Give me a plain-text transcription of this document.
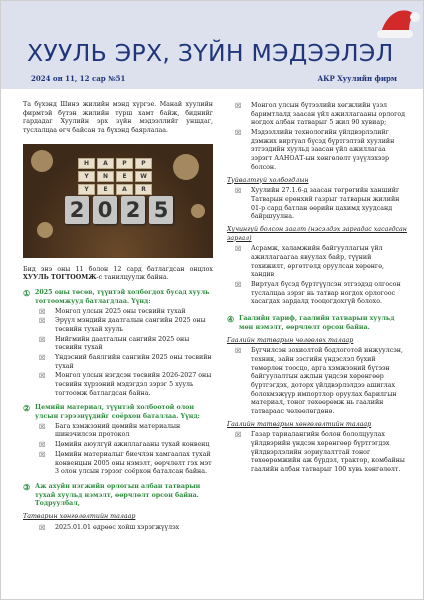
ХУУЛЬ ЭРХ, ЗҮЙН МЭДЭЭЛЭЛ
2024 он 11, 12 сар №51	АКР Хуулийн фирм

Та бүхэнд Шинэ жилийн мэнд хүргэе. Манай хуулийн фирмтэй бүтэн жилийн турш хамт байж, биднийг гардадаг Хуулийн эрх зүйн мэдээллийг уншдаг, туслалцаа өгч байсан та бүхэнд баярлалаа.

H	A	P	P
Y	N	E	W
Y	E	A	R
2 0 2 5

Бид энэ оны 11 болон 12 сард батлагдсан онцлох ХУУЛЬ ТОГТООМЖ-с танилцуулж байна.

① 2025 оны төсөв, түүнтэй холбогдох бусад хууль тогтоомжууд батлагдлаа. Үүнд:
☒ Монгол улсын 2025 оны төсвийн тухай
☒ Эрүүл мэндийн даатгалын сангийн 2025 оны төсвийн тухай хууль
☒ Нийгмийн даатгалын сангийн 2025 оны төсвийн тухай
☒ Үндэсний баялгийн сангийн 2025 оны төсвийн тухай
☒ Монгол улсын нэгдсэн төсвийн 2026-2027 оны төсвийн хүрээний мэдэгдэл зэрэг 5 хууль тогтоомж батлагдсан байна.
② Цемийн материал, түүнтэй холбоотой олон улсын гэрээнүүдийг соёрхон баталлаа. Үүнд:
☒ Бага хэмжээний цөмийн материалын шинэчилсэн протокол
☒ Цөмийн аюулгүй ажиллагааны тухай конвенц
☒ Цөмийн материалыг биечлэн хамгаалах тухай конвенцын 2005 оны нэмэлт, өөрчлөлт гэх мэт 3 олон улсын гэрээг соёрхон баталсан байна.
③ Аж ахуйн нэгжийн орлогын албан татварын тухай хуульд нэмэлт, өөрчлөлт орсон байна. Тодруулбал,
Татварын хөнгөлөлтийн талаар
☒ 2025.01.01 өдрөөс хойш хэрэгжүүлэх
☒ Монгол улсын бүтээлийн хөгжлийн үзэл баримтлалд заасан үйл ажиллагааны орлогод ногдох албан татварыг 5 жил 90 хувиар;
☒ Мэдээллийн технологийн үйлдвэрлэлийг дэмжих виртуал бүсэд бүртгэлтэй хуулийн этгээдийн хуульд заасан үйл ажиллагаа зэрэгт ААНОАТ-ын хөнгөлөлт үзүүлэхээр болсон.
Түйвалтгүй холбогдлын
☒ Хуулийн 27.1.6-д заасан төгрөгийн ханшийг Татварын ерөнхий газрыг татварын жилийн 01-р сард батлан өөрийн цахимд хуудсанд байршуулна.
Хүчингүй болсон заалт (нэсэлдэх заргадас хасагдсан заргал)
☒ Асрамж, халамжийн байгууллагын үйл ажиллагаагаа явуулах байр, түүний тохижилт, өргөтгөлд оруулсан хөрөнгө, хандив
☒ Виртуал бүсэд бүртгүүлсэн этгээдэд олгосон туслалцаа зэрэг нь татвар ногдох орлогоос хасагдах зардалд тооцогдохгүй болохо.
④ Гаалийн тариф, гаалийн татварын хуульд мөн нэмэлт, өөрчлөлт орсон байна.
Гаалийн татварын чөлөөлөх талаар
☒ Бүгчилсэн зохиолтой бодлоготой инжуулсэн, техник, зайн зэсгийн үндэслэл бүхий төмөрлөн тоосцо, арга хэмжээний бүтээн байгуулалтын ажлын үндсэн хөрөнгөөр бүртгэгдэх, доторх үйлдвэрлэлдээ ашиглах болохмэжүүр импортлор оруулах барилгын материал, тоног төхөөрөмж нь гаалийн татвараас чөлөөлөгдөнө.
Гаалийн татварын хөнгөлөлтийн талаар
☒ Газар тариалангийн болон бололцуулах үйлдвэрийн үндсэн хөрөнгөөр бүртгэгдэх үйлдвэрлэлийн зориулалттай тоног төхөөрөмжийн аж бүрдэл, трактор, комбайны гаалийн албан татварыг 100 хувь хөнгөлөлт.
